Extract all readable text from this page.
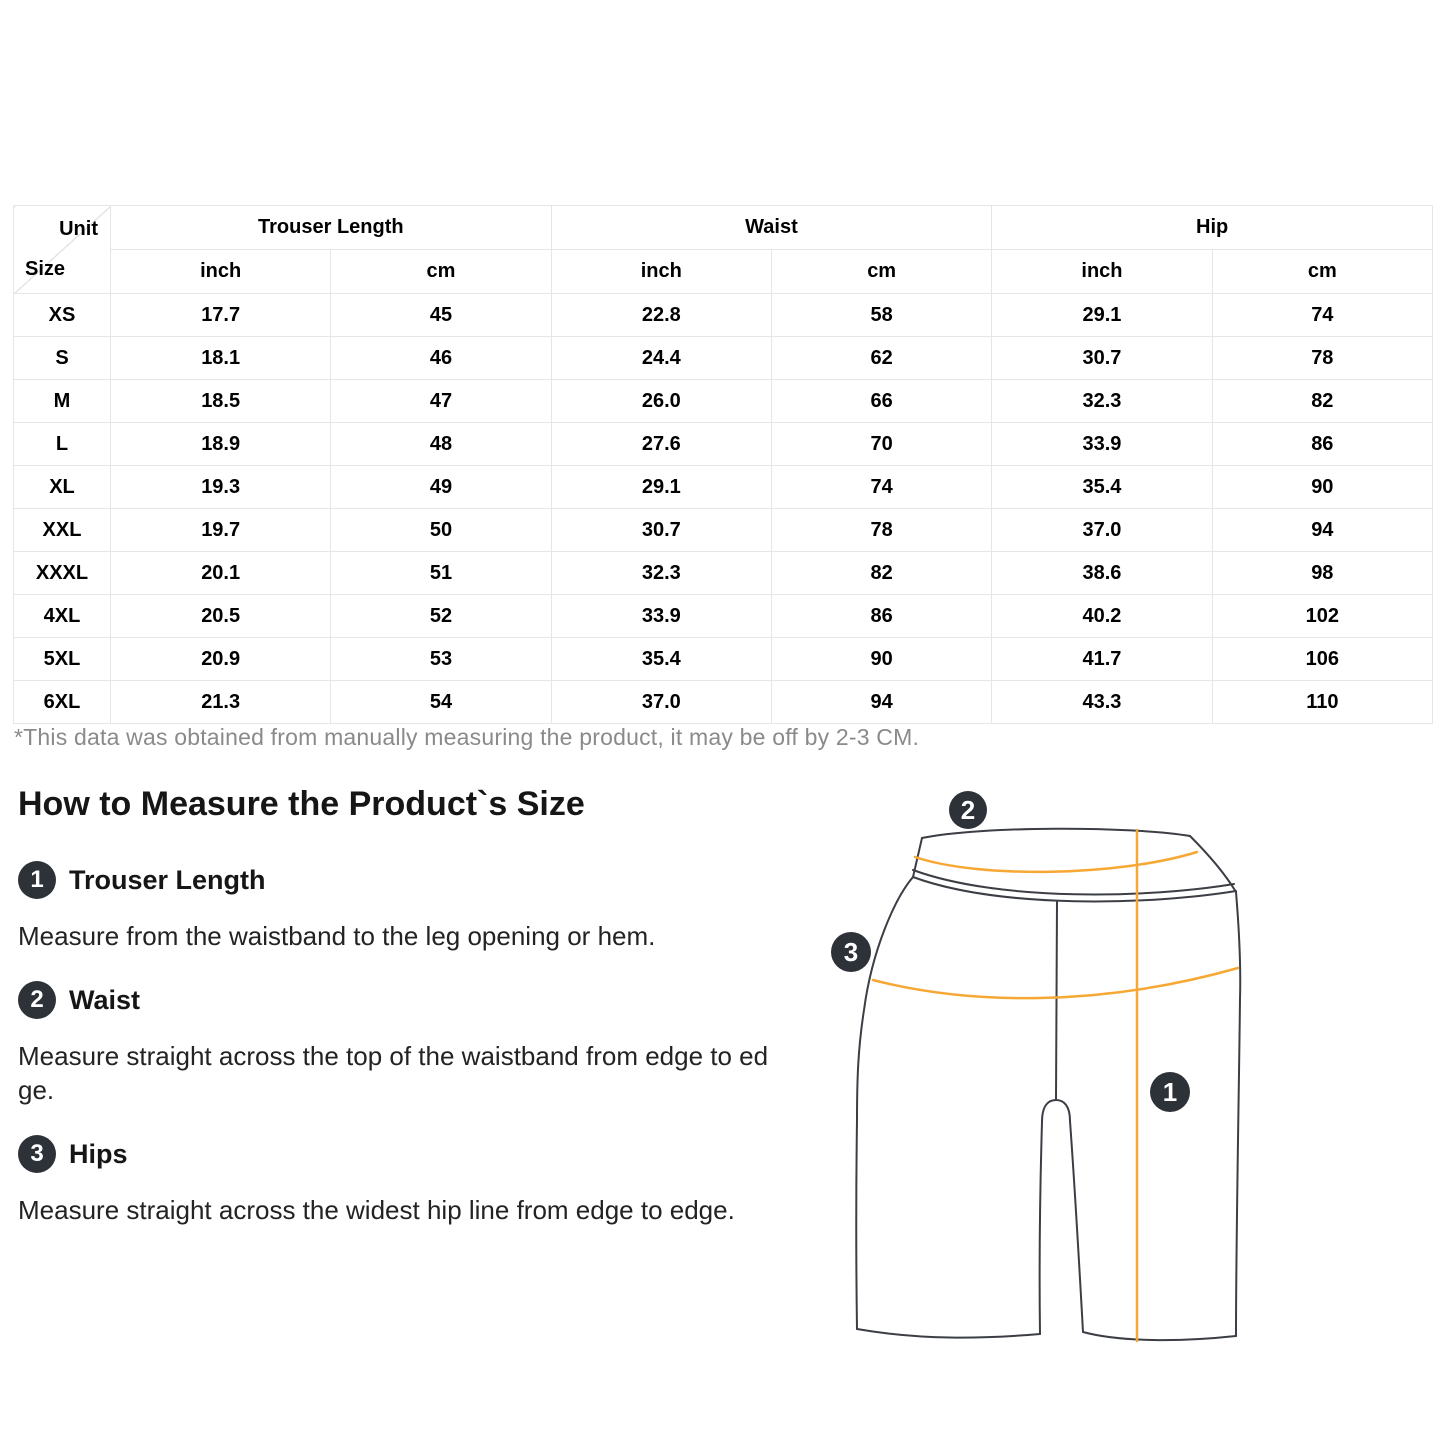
Unit
Size	Trouser Length		Waist		Hip	
	inch	cm	inch	cm	inch	cm
XS	17.7	45	22.8	58	29.1	74
S	18.1	46	24.4	62	30.7	78
M	18.5	47	26.0	66	32.3	82
L	18.9	48	27.6	70	33.9	86
XL	19.3	49	29.1	74	35.4	90
XXL	19.7	50	30.7	78	37.0	94
XXXL	20.1	51	32.3	82	38.6	98
4XL	20.5	52	33.9	86	40.2	102
5XL	20.9	53	35.4	90	41.7	106
6XL	21.3	54	37.0	94	43.3	110
*This data was obtained from manually measuring the product, it may be off by 2-3 CM.
How to Measure the Product`s Size
1 Trouser Length
Measure from the waistband to the leg opening or hem.
2 Waist
Measure straight across the top of the waistband from edge to ed
ge.
3 Hips
Measure straight across the widest hip line from edge to edge.
2
3
1
